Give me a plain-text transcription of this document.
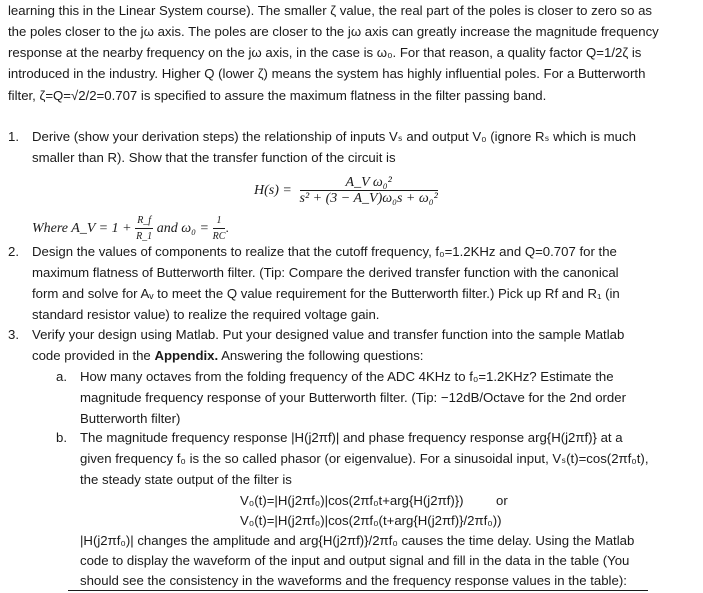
learning this in the Linear System course). The smaller ζ value, the real part of the poles is closer to zero so as
the poles closer to the jω axis. The poles are closer to the jω axis can greatly increase the magnitude frequency
response at the nearby frequency on the jω axis, in the case is ω₀. For that reason, a quality factor Q=1/2ζ is
introduced in the industry. Higher Q (lower ζ) means the system has highly influential poles. For a Butterworth
filter, ζ=Q=√2/2=0.707 is specified to assure the maximum flatness in the filter passing band.
1. Derive (show your derivation steps) the relationship of inputs Vₛ and output V₀ (ignore Rₛ which is much
smaller than R). Show that the transfer function of the circuit is
$H(s) = \frac{\text{A\_V ω₀²}}{\text{s² + (3 − A\_V)ω₀s + ω₀²}}$
Where A_V = $1 + \frac{R\_f}{R\_1}$ and $\omega_0 = \frac{1}{RC}$ .
2. Design the values of components to realize that the cutoff frequency, f₀=1.2KHz and Q=0.707 for the
maximum flatness of Butterworth filter. (Tip: Compare the derived transfer function with the canonical
form and solve for Aᵥ to meet the Q value requirement for the Butterworth filter.) Pick up Rf and R₁ (in
standard resistor value) to realize the required voltage gain.
3. Verify your design using Matlab. Put your designed value and transfer function into the sample Matlab
code provided in the Appendix. Answering the following questions:
a. How many octaves from the folding frequency of the ADC 4KHz to f₀=1.2KHz? Estimate the
magnitude frequency response of your Butterworth filter. (Tip: −12dB/Octave for the 2nd order
Butterworth filter)
b. The magnitude frequency response |H(j2πf)| and phase frequency response arg{H(j2πf)} at a
given frequency f₀ is the so called phasor (or eigenvalue). For a sinusoidal input, Vₛ(t)=cos(2πf₀t),
the steady state output of the filter is
V₀(t)=|H(j2πf₀)|cos(2πf₀t+arg{H(j2πf)}) or
V₀(t)=|H(j2πf₀)|cos(2πf₀(t+arg{H(j2πf)}/2πf₀))
|H(j2πf₀)| changes the amplitude and arg{H(j2πf)}/2πf₀ causes the time delay. Using the Matlab
code to display the waveform of the input and output signal and fill in the data in the table (You
should see the consistency in the waveforms and the frequency response values in the table):
